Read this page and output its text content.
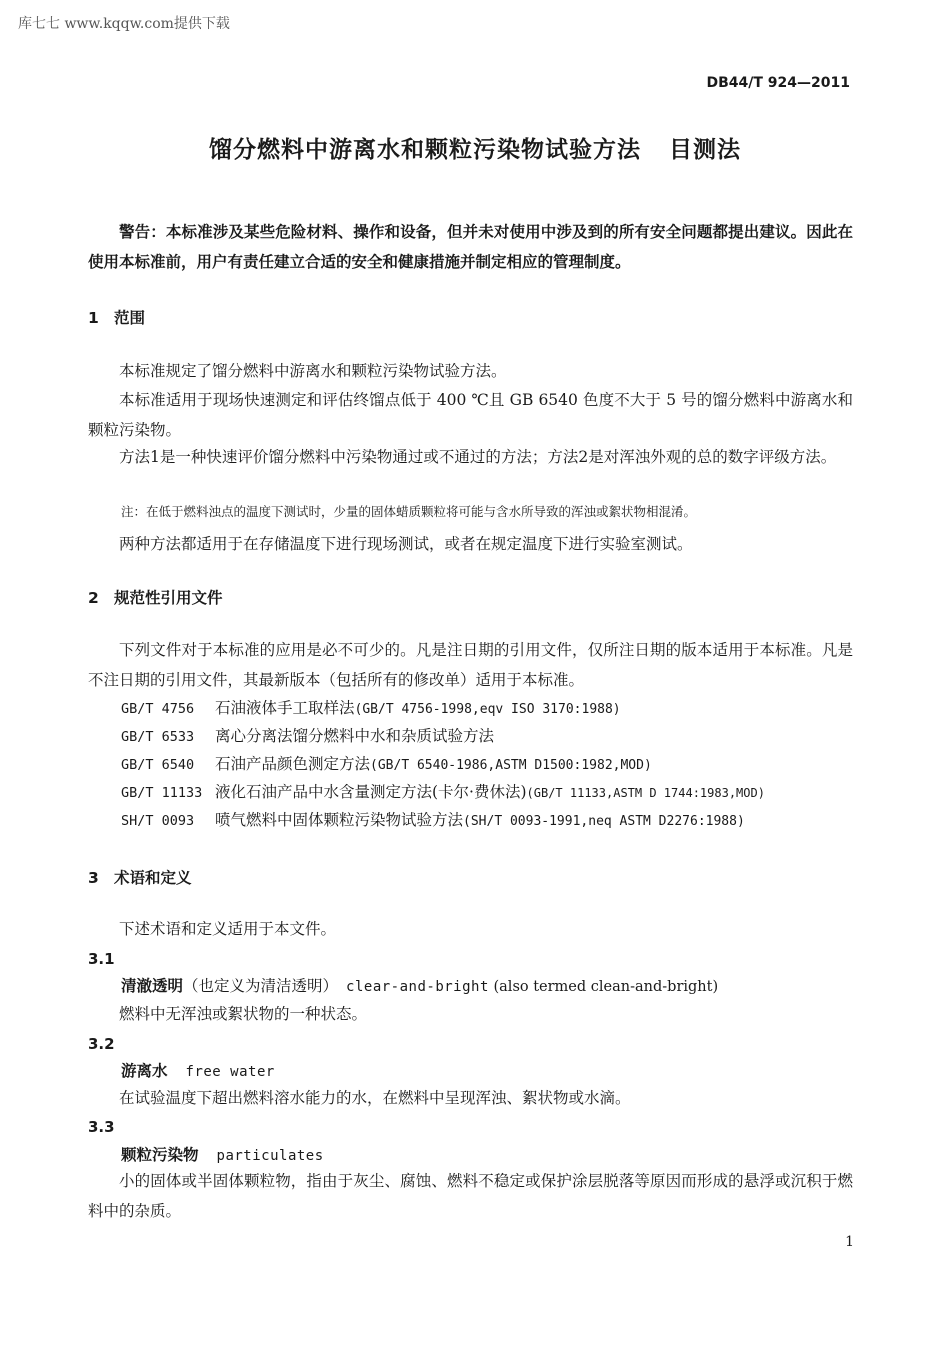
库七七 www.kqqw.com提供下载
DB44/T 924—2011
馏分燃料中游离水和颗粒污染物试验方法 目测法

警告：本标准涉及某些危险材料、操作和设备，但并未对使用中涉及到的所有安全问题都提出建议。因此在使用本标准前，用户有责任建立合适的安全和健康措施并制定相应的管理制度。

1 范围

本标准规定了馏分燃料中游离水和颗粒污染物试验方法。

本标准适用于现场快速测定和评估终馏点低于 400 ℃且 GB 6540 色度不大于 5 号的馏分燃料中游离水和颗粒污染物。

方法1是一种快速评价馏分燃料中污染物通过或不通过的方法；方法2是对浑浊外观的总的数字评级方法。

注：在低于燃料浊点的温度下测试时，少量的固体蜡质颗粒将可能与含水所导致的浑浊或絮状物相混淆。

两种方法都适用于在存储温度下进行现场测试，或者在规定温度下进行实验室测试。

2 规范性引用文件

下列文件对于本标准的应用是必不可少的。凡是注日期的引用文件，仅所注日期的版本适用于本标准。凡是不注日期的引用文件，其最新版本（包括所有的修改单）适用于本标准。

GB/T 4756 石油液体手工取样法(GB/T 4756-1998,eqv ISO 3170:1988)
GB/T 6533 离心分离法馏分燃料中水和杂质试验方法
GB/T 6540 石油产品颜色测定方法(GB/T 6540-1986,ASTM D1500:1982,MOD)
GB/T 11133 液化石油产品中水含量测定方法(卡尔·费休法)(GB/T 11133,ASTM D 1744:1983,MOD)
SH/T 0093 喷气燃料中固体颗粒污染物试验方法(SH/T 0093-1991,neq ASTM D2276:1988)
3 术语和定义

下述术语和定义适用于本文件。

3.1
清澈透明（也定义为清洁透明） clear-and-bright (also termed clean-and-bright)

燃料中无浑浊或絮状物的一种状态。

3.2
游离水 free water

在试验温度下超出燃料溶水能力的水，在燃料中呈现浑浊、絮状物或水滴。

3.3
颗粒污染物 particulates

小的固体或半固体颗粒物，指由于灰尘、腐蚀、燃料不稳定或保护涂层脱落等原因而形成的悬浮或沉积于燃料中的杂质。

1
